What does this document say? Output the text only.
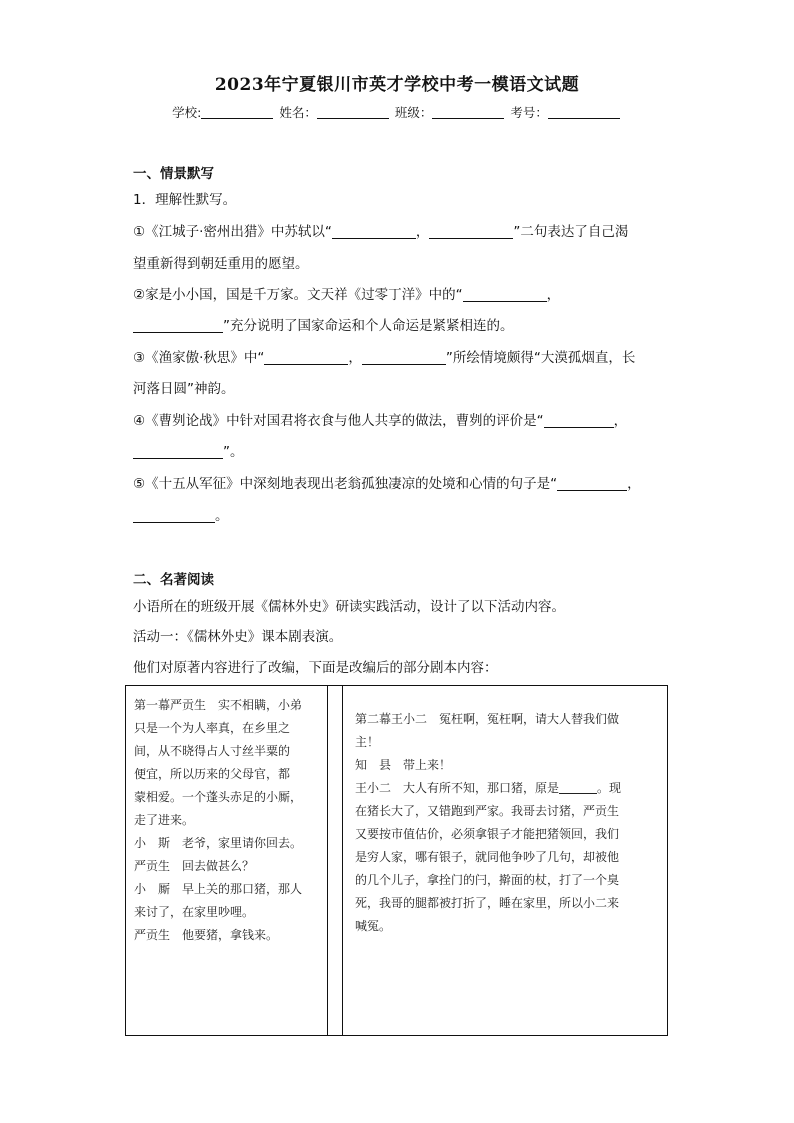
2023年宁夏银川市英才学校中考一模语文试题
学校:	姓名：	班级：	考号：
一、情景默写
1．理解性默写。
①《江城子·密州出猎》中苏轼以“	，	”二句表达了自己渴
望重新得到朝廷重用的愿望。
②家是小小国，国是千万家。文天祥《过零丁洋》中的“	，
”充分说明了国家命运和个人命运是紧紧相连的。
③《渔家傲·秋思》中“	，	”所绘情境颇得“大漠孤烟直，长
河落日圆”神韵。
④《曹刿论战》中针对国君将衣食与他人共享的做法，曹刿的评价是“	，
”。
⑤《十五从军征》中深刻地表现出老翁孤独凄凉的处境和心情的句子是“	，
。
二、名著阅读
小语所在的班级开展《儒林外史》研读实践活动，设计了以下活动内容。
活动一：《儒林外史》课本剧表演。
他们对原著内容进行了改编，下面是改编后的部分剧本内容：

第一幕严贡生　实不相瞒，小弟

只是一个为人率真，在乡里之

间，从不晓得占人寸丝半粟的

便宜，所以历来的父母官，都

蒙相爱。一个蓬头赤足的小厮，

走了进来。

小　斯　老爷，家里请你回去。

严贡生　回去做甚么？

小　厮　早上关的那口猪，那人

来讨了，在家里吵哩。

严贡生　他要猪，拿钱来。

第二幕王小二　冤枉啊，冤枉啊，请大人替我们做

主！

知　县　带上来！

王小二　大人有所不知，那口猪，原是	。现

在猪长大了，又错跑到严家。我哥去讨猪，严贡生

又要按市值估价，必须拿银子才能把猪领回，我们

是穷人家，哪有银子，就同他争吵了几句，却被他

的几个儿子，拿拴门的闩，擀面的杖，打了一个臭

死，我哥的腿都被打折了，睡在家里，所以小二来

喊冤。
